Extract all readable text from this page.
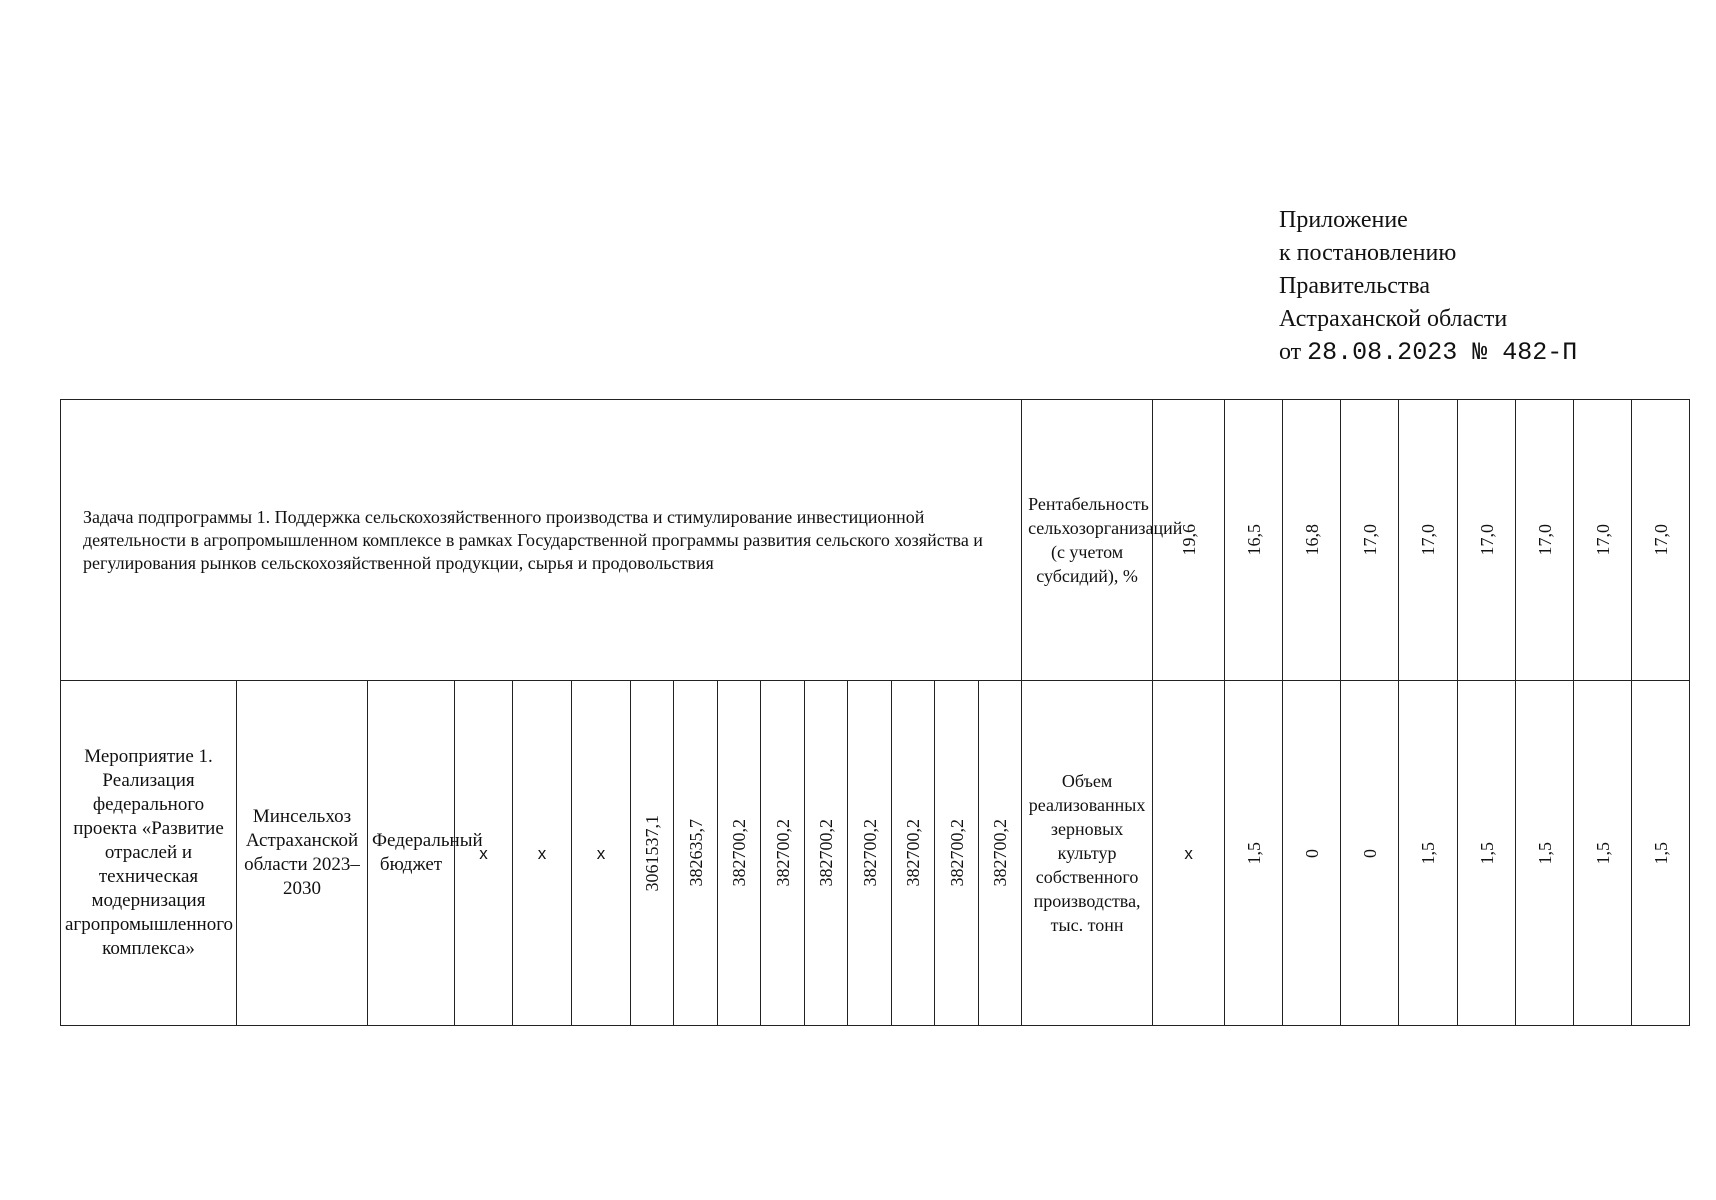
Приложение
к постановлению
Правительства
Астраханской области
от 28.08.2023 № 482-П
Задача подпрограммы 1. Поддержка сельскохозяйственного производства и стимулирование инвестиционной деятельности в агропромышленном комплексе в рамках Государственной программы развития сельского хозяйства и регулирования рынков сельскохозяйственной продукции, сырья и продовольствия															Рентабельность сельхозорганизаций (с учетом субсидий), %	19,6	16,5	16,8	17,0	17,0	17,0	17,0	17,0	17,0

Мероприятие 1. Реализация федерального проекта «Развитие отраслей и техническая модернизация агропромышленного комплекса»	Минсельхоз Астраханской области 2023–2030	Федеральный бюджет	х	х	х	3061537,1	382635,7	382700,2	382700,2	382700,2	382700,2	382700,2	382700,2	382700,2	Объем реализованных зерновых культур собственного производства, тыс. тонн	х	1,5	0	0	1,5	1,5	1,5	1,5	1,5
